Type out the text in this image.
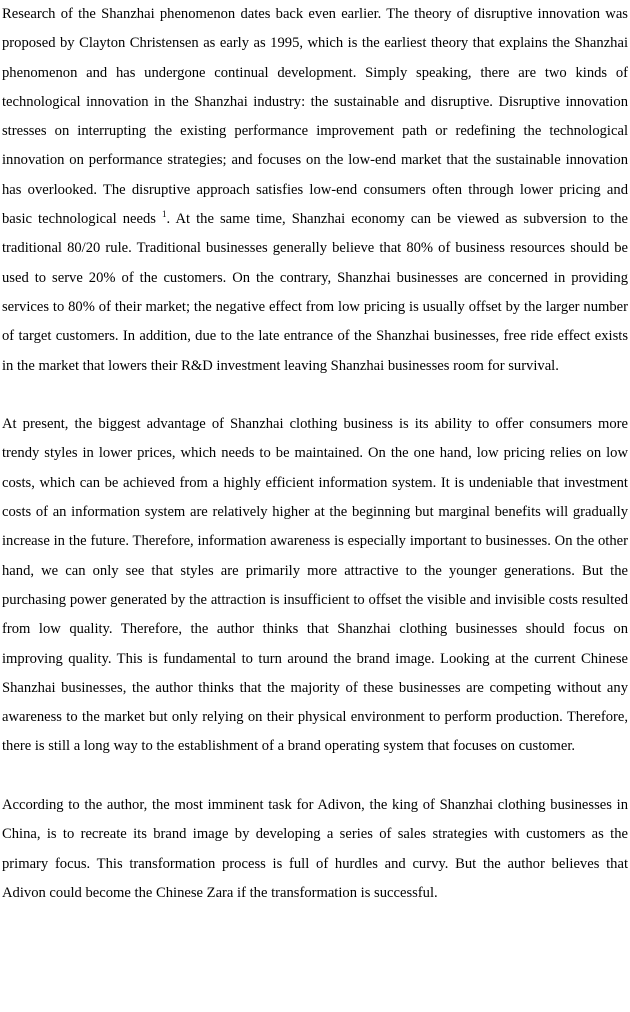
Research of the Shanzhai phenomenon dates back even earlier. The theory of disruptive innovation was proposed by Clayton Christensen as early as 1995, which is the earliest theory that explains the Shanzhai phenomenon and has undergone continual development. Simply speaking, there are two kinds of technological innovation in the Shanzhai industry: the sustainable and disruptive. Disruptive innovation stresses on interrupting the existing performance improvement path or redefining the technological innovation on performance strategies; and focuses on the low-end market that the sustainable innovation has overlooked. The disruptive approach satisfies low-end consumers often through lower pricing and basic technological needs $^1$. At the same time, Shanzhai economy can be viewed as subversion to the traditional 80/20 rule. Traditional businesses generally believe that 80% of business resources should be used to serve 20% of the customers. On the contrary, Shanzhai businesses are concerned in providing services to 80% of their market; the negative effect from low pricing is usually offset by the larger number of target customers. In addition, due to the late entrance of the Shanzhai businesses, free ride effect exists in the market that lowers their R&D investment leaving Shanzhai businesses room for survival.

At present, the biggest advantage of Shanzhai clothing business is its ability to offer consumers more trendy styles in lower prices, which needs to be maintained. On the one hand, low pricing relies on low costs, which can be achieved from a highly efficient information system. It is undeniable that investment costs of an information system are relatively higher at the beginning but marginal benefits will gradually increase in the future. Therefore, information awareness is especially important to businesses. On the other hand, we can only see that styles are primarily more attractive to the younger generations. But the purchasing power generated by the attraction is insufficient to offset the visible and invisible costs resulted from low quality. Therefore, the author thinks that Shanzhai clothing businesses should focus on improving quality. This is fundamental to turn around the brand image. Looking at the current Chinese Shanzhai businesses, the author thinks that the majority of these businesses are competing without any awareness to the market but only relying on their physical environment to perform production. Therefore, there is still a long way to the establishment of a brand operating system that focuses on customer.

According to the author, the most imminent task for Adivon, the king of Shanzhai clothing businesses in China, is to recreate its brand image by developing a series of sales strategies with customers as the primary focus. This transformation process is full of hurdles and curvy. But the author believes that Adivon could become the Chinese Zara if the transformation is successful.
